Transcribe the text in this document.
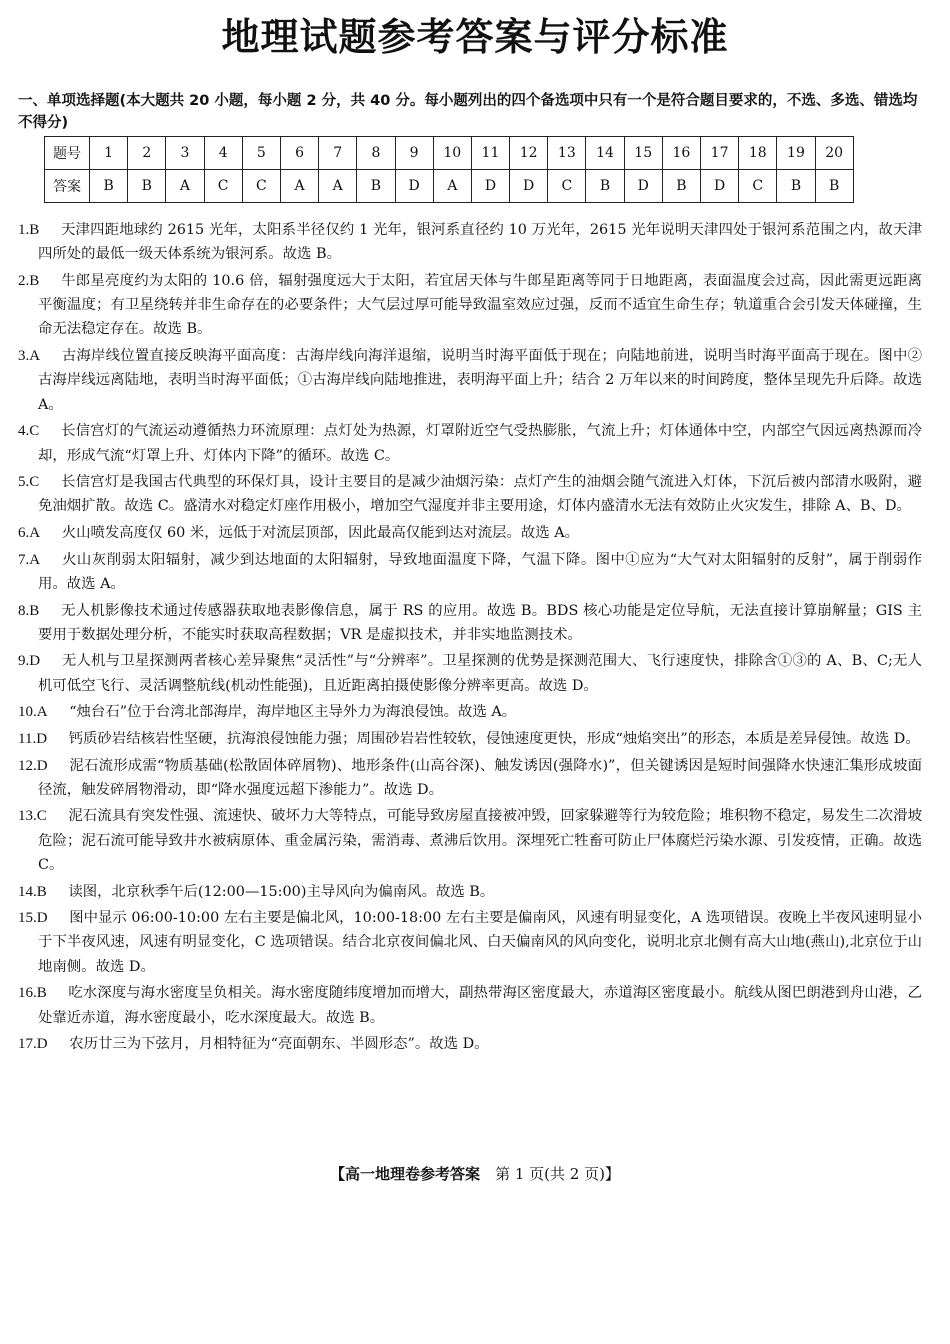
地理试题参考答案与评分标准
一、单项选择题(本大题共 20 小题，每小题 2 分，共 40 分。每小题列出的四个备选项中只有一个是符合题目要求的，不选、多选、错选均不得分)
题号	1	2	3	4	5	6	7	8	9	10	11	12	13	14	15	16	17	18	19	20
答案	B	B	A	C	C	A	A	B	D	A	D	D	C	B	D	B	D	C	B	B

1.B   天津四距地球约 2615 光年，太阳系半径仅约 1 光年，银河系直径约 10 万光年，2615 光年说明天津四处于银河系范围之内，故天津四所处的最低一级天体系统为银河系。故选 B。

2.B   牛郎星亮度约为太阳的 10.6 倍，辐射强度远大于太阳，若宜居天体与牛郎星距离等同于日地距离，表面温度会过高，因此需更远距离平衡温度；有卫星绕转并非生命存在的必要条件；大气层过厚可能导致温室效应过强，反而不适宜生命生存；轨道重合会引发天体碰撞，生命无法稳定存在。故选 B。

3.A   古海岸线位置直接反映海平面高度：古海岸线向海洋退缩，说明当时海平面低于现在；向陆地前进，说明当时海平面高于现在。图中②古海岸线远离陆地，表明当时海平面低；①古海岸线向陆地推进，表明海平面上升；结合 2 万年以来的时间跨度，整体呈现先升后降。故选 A。

4.C   长信宫灯的气流运动遵循热力环流原理：点灯处为热源，灯罩附近空气受热膨胀，气流上升；灯体通体中空，内部空气因远离热源而冷却，形成气流“灯罩上升、灯体内下降”的循环。故选 C。

5.C   长信宫灯是我国古代典型的环保灯具，设计主要目的是减少油烟污染：点灯产生的油烟会随气流进入灯体，下沉后被内部清水吸附，避免油烟扩散。故选 C。盛清水对稳定灯座作用极小，增加空气湿度并非主要用途，灯体内盛清水无法有效防止火灾发生，排除 A、B、D。

6.A   火山喷发高度仅 60 米，远低于对流层顶部，因此最高仅能到达对流层。故选 A。

7.A   火山灰削弱太阳辐射，减少到达地面的太阳辐射，导致地面温度下降，气温下降。图中①应为“大气对太阳辐射的反射”，属于削弱作用。故选 A。

8.B   无人机影像技术通过传感器获取地表影像信息，属于 RS 的应用。故选 B。BDS 核心功能是定位导航，无法直接计算崩解量；GIS 主要用于数据处理分析，不能实时获取高程数据；VR 是虚拟技术，并非实地监测技术。

9.D   无人机与卫星探测两者核心差异聚焦“灵活性”与“分辨率”。卫星探测的优势是探测范围大、飞行速度快，排除含①③的 A、B、C;无人机可低空飞行、灵活调整航线(机动性能强)，且近距离拍摄使影像分辨率更高。故选 D。

10.A   “烛台石”位于台湾北部海岸，海岸地区主导外力为海浪侵蚀。故选 A。

11.D   钙质砂岩结核岩性坚硬，抗海浪侵蚀能力强；周围砂岩岩性较软，侵蚀速度更快，形成“烛焰突出”的形态，本质是差异侵蚀。故选 D。

12.D   泥石流形成需“物质基础(松散固体碎屑物)、地形条件(山高谷深)、触发诱因(强降水)”，但关键诱因是短时间强降水快速汇集形成坡面径流，触发碎屑物滑动，即“降水强度远超下渗能力”。故选 D。

13.C   泥石流具有突发性强、流速快、破坏力大等特点，可能导致房屋直接被冲毁，回家躲避等行为较危险；堆积物不稳定，易发生二次滑坡危险；泥石流可能导致井水被病原体、重金属污染，需消毒、煮沸后饮用。深埋死亡牲畜可防止尸体腐烂污染水源、引发疫情，正确。故选 C。

14.B   读图，北京秋季午后(12:00—15:00)主导风向为偏南风。故选 B。

15.D   图中显示 06:00-10:00 左右主要是偏北风，10:00-18:00 左右主要是偏南风，风速有明显变化，A 选项错误。夜晚上半夜风速明显小于下半夜风速，风速有明显变化，C 选项错误。结合北京夜间偏北风、白天偏南风的风向变化，说明北京北侧有高大山地(燕山),北京位于山地南侧。故选 D。

16.B   吃水深度与海水密度呈负相关。海水密度随纬度增加而增大，副热带海区密度最大，赤道海区密度最小。航线从图巴朗港到舟山港，乙处靠近赤道，海水密度最小，吃水深度最大。故选 B。

17.D   农历廿三为下弦月，月相特征为“亮面朝东、半圆形态”。故选 D。

【高一地理卷参考答案  第 1 页(共 2 页)】
